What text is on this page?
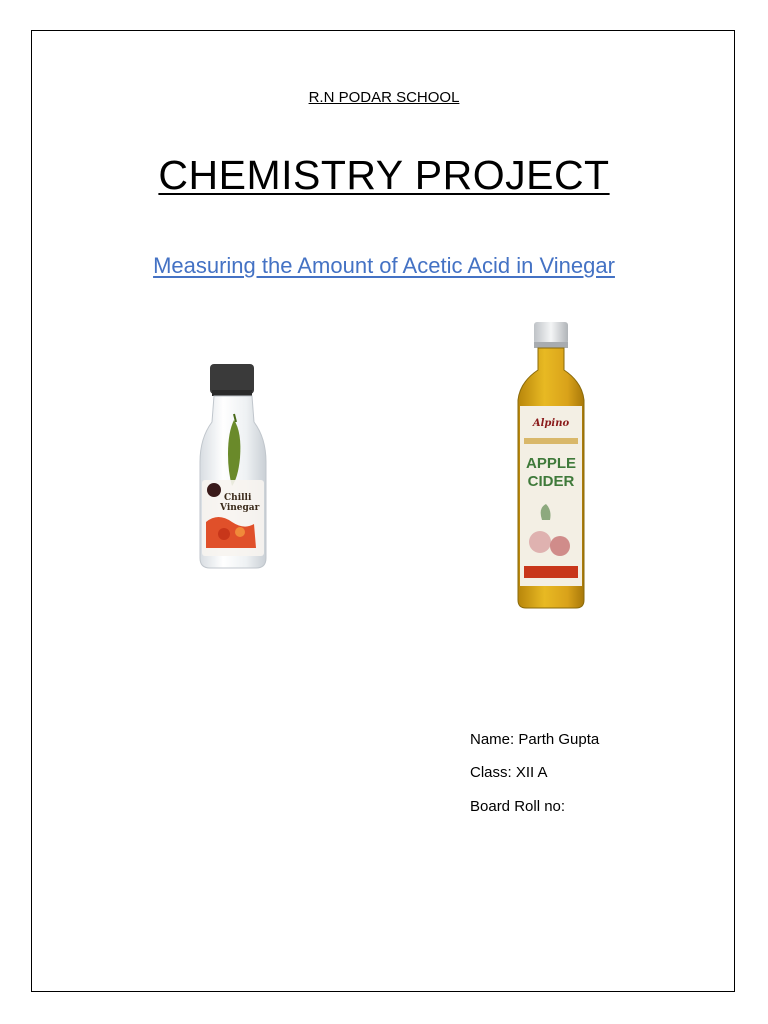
R.N PODAR SCHOOL
CHEMISTRY PROJECT
Measuring the Amount of Acetic Acid in Vinegar
Chilli
Vinegar
Alpino
APPLE
CIDER
Name: Parth Gupta
Class: XII A
Board Roll no:
